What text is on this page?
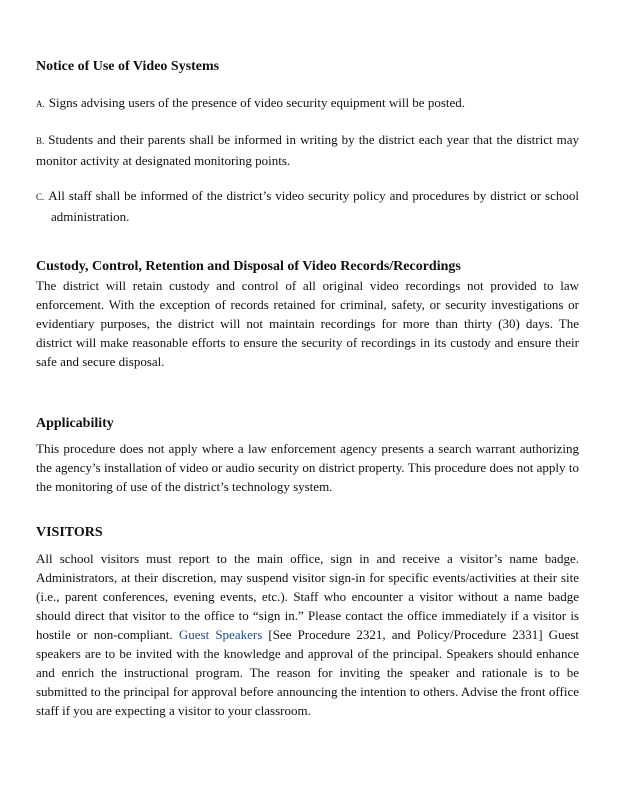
Notice of Use of Video Systems

A. Signs advising users of the presence of video security equipment will be posted.
B. Students and their parents shall be informed in writing by the district each year that the district may monitor activity at designated monitoring points.
C. All staff shall be informed of the district’s video security policy and procedures by district or school administration.

Custody, Control, Retention and Disposal of Video Records/Recordings

The district will retain custody and control of all original video recordings not provided to law enforcement. With the exception of records retained for criminal, safety, or security investigations or evidentiary purposes, the district will not maintain recordings for more than thirty (30) days. The district will make reasonable efforts to ensure the security of recordings in its custody and ensure their safe and secure disposal.

Applicability

This procedure does not apply where a law enforcement agency presents a search warrant authorizing the agency’s installation of video or audio security on district property. This procedure does not apply to the monitoring of use of the district’s technology system.

VISITORS

All school visitors must report to the main office, sign in and receive a visitor’s name badge. Administrators, at their discretion, may suspend visitor sign-in for specific events/activities at their site (i.e., parent conferences, evening events, etc.). Staff who encounter a visitor without a name badge should direct that visitor to the office to “sign in.” Please contact the office immediately if a visitor is hostile or non-compliant. Guest Speakers [See Procedure 2321, and Policy/Procedure 2331] Guest speakers are to be invited with the knowledge and approval of the principal. Speakers should enhance and enrich the instructional program. The reason for inviting the speaker and rationale is to be submitted to the principal for approval before announcing the intention to others. Advise the front office staff if you are expecting a visitor to your classroom.
